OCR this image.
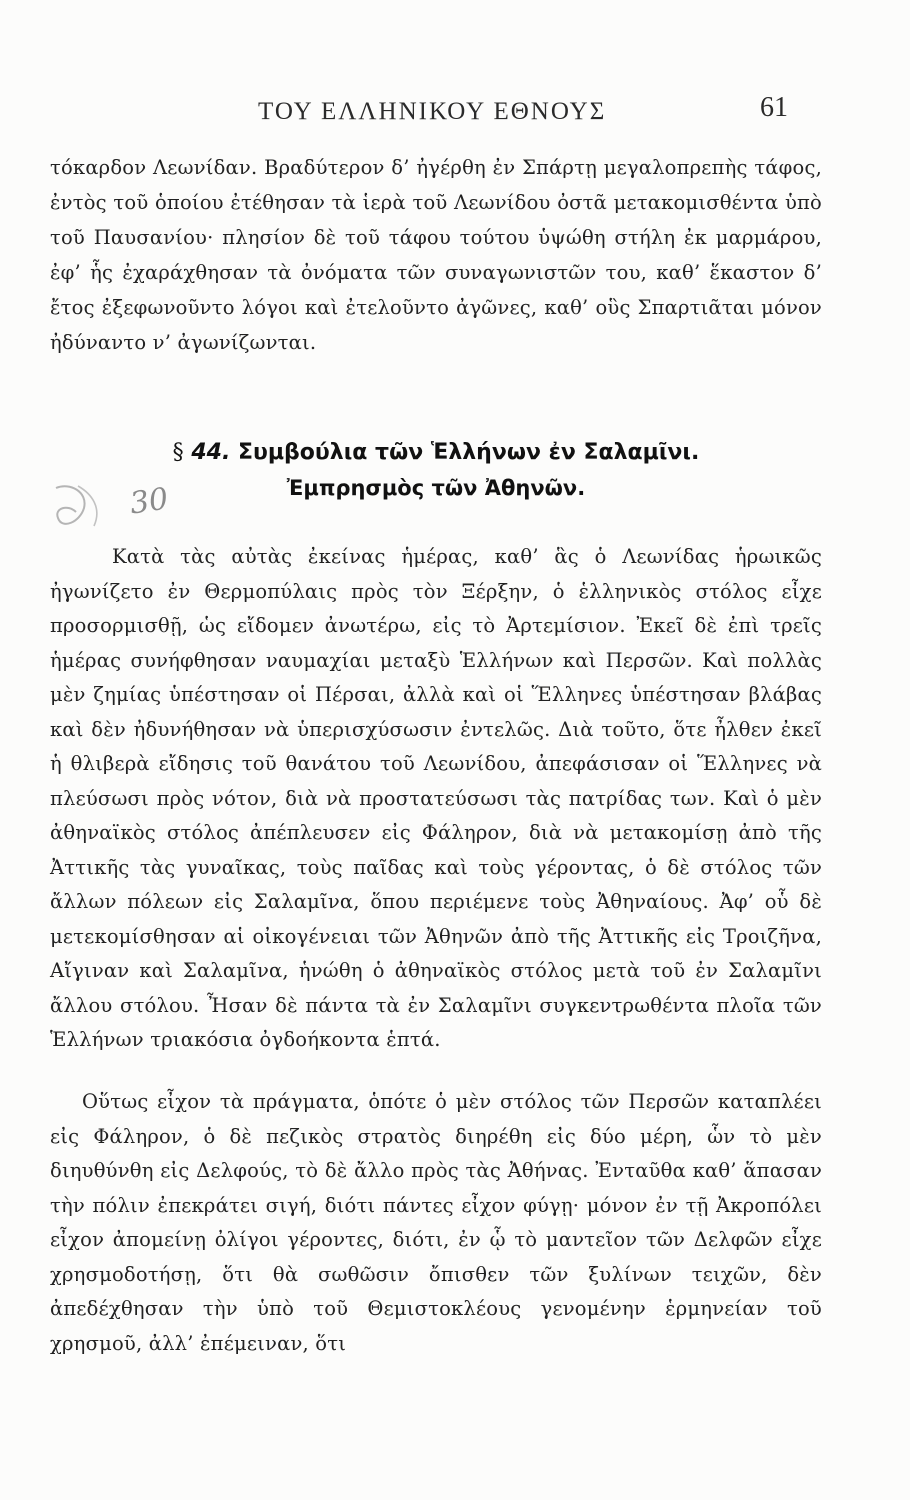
ΤΟΥ ΕΛΛΗΝΙΚΟΥ ΕΘΝΟΥΣ	61

τόκαρδον Λεωνίδαν. Βραδύτερον δ’ ἠγέρθη ἐν Σπάρτῃ μεγαλοπρεπὴς τάφος, ἐντὸς τοῦ ὁποίου ἐτέθησαν τὰ ἱερὰ τοῦ Λεωνίδου ὀστᾶ μετακομισθέντα ὑπὸ τοῦ Παυσανίου· πλησίον δὲ τοῦ τάφου τούτου ὑψώθη στήλη ἐκ μαρμάρου, ἐφ’ ἧς ἐχαράχθησαν τὰ ὀνόματα τῶν συναγωνιστῶν του, καθ’ ἕκαστον δ’ ἔτος ἐξεφωνοῦντο λόγοι καὶ ἐτελοῦντο ἀγῶνες, καθ’ οὓς Σπαρτιᾶται μόνον ἠδύναντο ν’ ἀγωνίζωνται.

§ 44. Συμβούλια τῶν Ἑλλήνων ἐν Σαλαμῖνι.
Ἐμπρησμὸς τῶν Ἀθηνῶν.
30

Κατὰ τὰς αὐτὰς ἐκείνας ἡμέρας, καθ’ ἃς ὁ Λεωνίδας ἡρωικῶς ἠγωνίζετο ἐν Θερμοπύλαις πρὸς τὸν Ξέρξην, ὁ ἑλληνικὸς στόλος εἶχε προσορμισθῇ, ὡς εἴδομεν ἀνωτέρω, εἰς τὸ Ἀρτεμίσιον. Ἐκεῖ δὲ ἐπὶ τρεῖς ἡμέρας συνήφθησαν ναυμαχίαι μεταξὺ Ἑλλήνων καὶ Περσῶν. Καὶ πολλὰς μὲν ζημίας ὑπέστησαν οἱ Πέρσαι, ἀλλὰ καὶ οἱ Ἕλληνες ὑπέστησαν βλάβας καὶ δὲν ἠδυνήθησαν νὰ ὑπερισχύσωσιν ἐντελῶς. Διὰ τοῦτο, ὅτε ἦλθεν ἐκεῖ ἡ θλιβερὰ εἴδησις τοῦ θανάτου τοῦ Λεωνίδου, ἀπεφάσισαν οἱ Ἕλληνες νὰ πλεύσωσι πρὸς νότον, διὰ νὰ προστατεύσωσι τὰς πατρίδας των. Καὶ ὁ μὲν ἀθηναϊκὸς στόλος ἀπέπλευσεν εἰς Φάληρον, διὰ νὰ μετακομίσῃ ἀπὸ τῆς Ἀττικῆς τὰς γυναῖκας, τοὺς παῖδας καὶ τοὺς γέροντας, ὁ δὲ στόλος τῶν ἄλλων πόλεων εἰς Σαλαμῖνα, ὅπου περιέμενε τοὺς Ἀθηναίους. Ἀφ’ οὗ δὲ μετεκομίσθησαν αἱ οἰκογένειαι τῶν Ἀθηνῶν ἀπὸ τῆς Ἀττικῆς εἰς Τροιζῆνα, Αἴγιναν καὶ Σαλαμῖνα, ἡνώθη ὁ ἀθηναϊκὸς στόλος μετὰ τοῦ ἐν Σαλαμῖνι ἄλλου στόλου. Ἦσαν δὲ πάντα τὰ ἐν Σαλαμῖνι συγκεντρωθέντα πλοῖα τῶν Ἑλλήνων τριακόσια ὀγδοήκοντα ἑπτά.

Οὕτως εἶχον τὰ πράγματα, ὁπότε ὁ μὲν στόλος τῶν Περσῶν καταπλέει εἰς Φάληρον, ὁ δὲ πεζικὸς στρατὸς διηρέθη εἰς δύο μέρη, ὧν τὸ μὲν διηυθύνθη εἰς Δελφούς, τὸ δὲ ἄλλο πρὸς τὰς Ἀθήνας. Ἐνταῦθα καθ’ ἅπασαν τὴν πόλιν ἐπεκράτει σιγή, διότι πάντες εἶχον φύγῃ· μόνον ἐν τῇ Ἀκροπόλει εἶχον ἀπομείνῃ ὀλίγοι γέροντες, διότι, ἐν ᾧ τὸ μαντεῖον τῶν Δελφῶν εἶχε χρησμοδοτήσῃ, ὅτι θὰ σωθῶσιν ὄπισθεν τῶν ξυλίνων τειχῶν, δὲν ἀπεδέχθησαν τὴν ὑπὸ τοῦ Θεμιστοκλέους γενομένην ἑρμηνείαν τοῦ χρησμοῦ, ἀλλ’ ἐπέμειναν, ὅτι
